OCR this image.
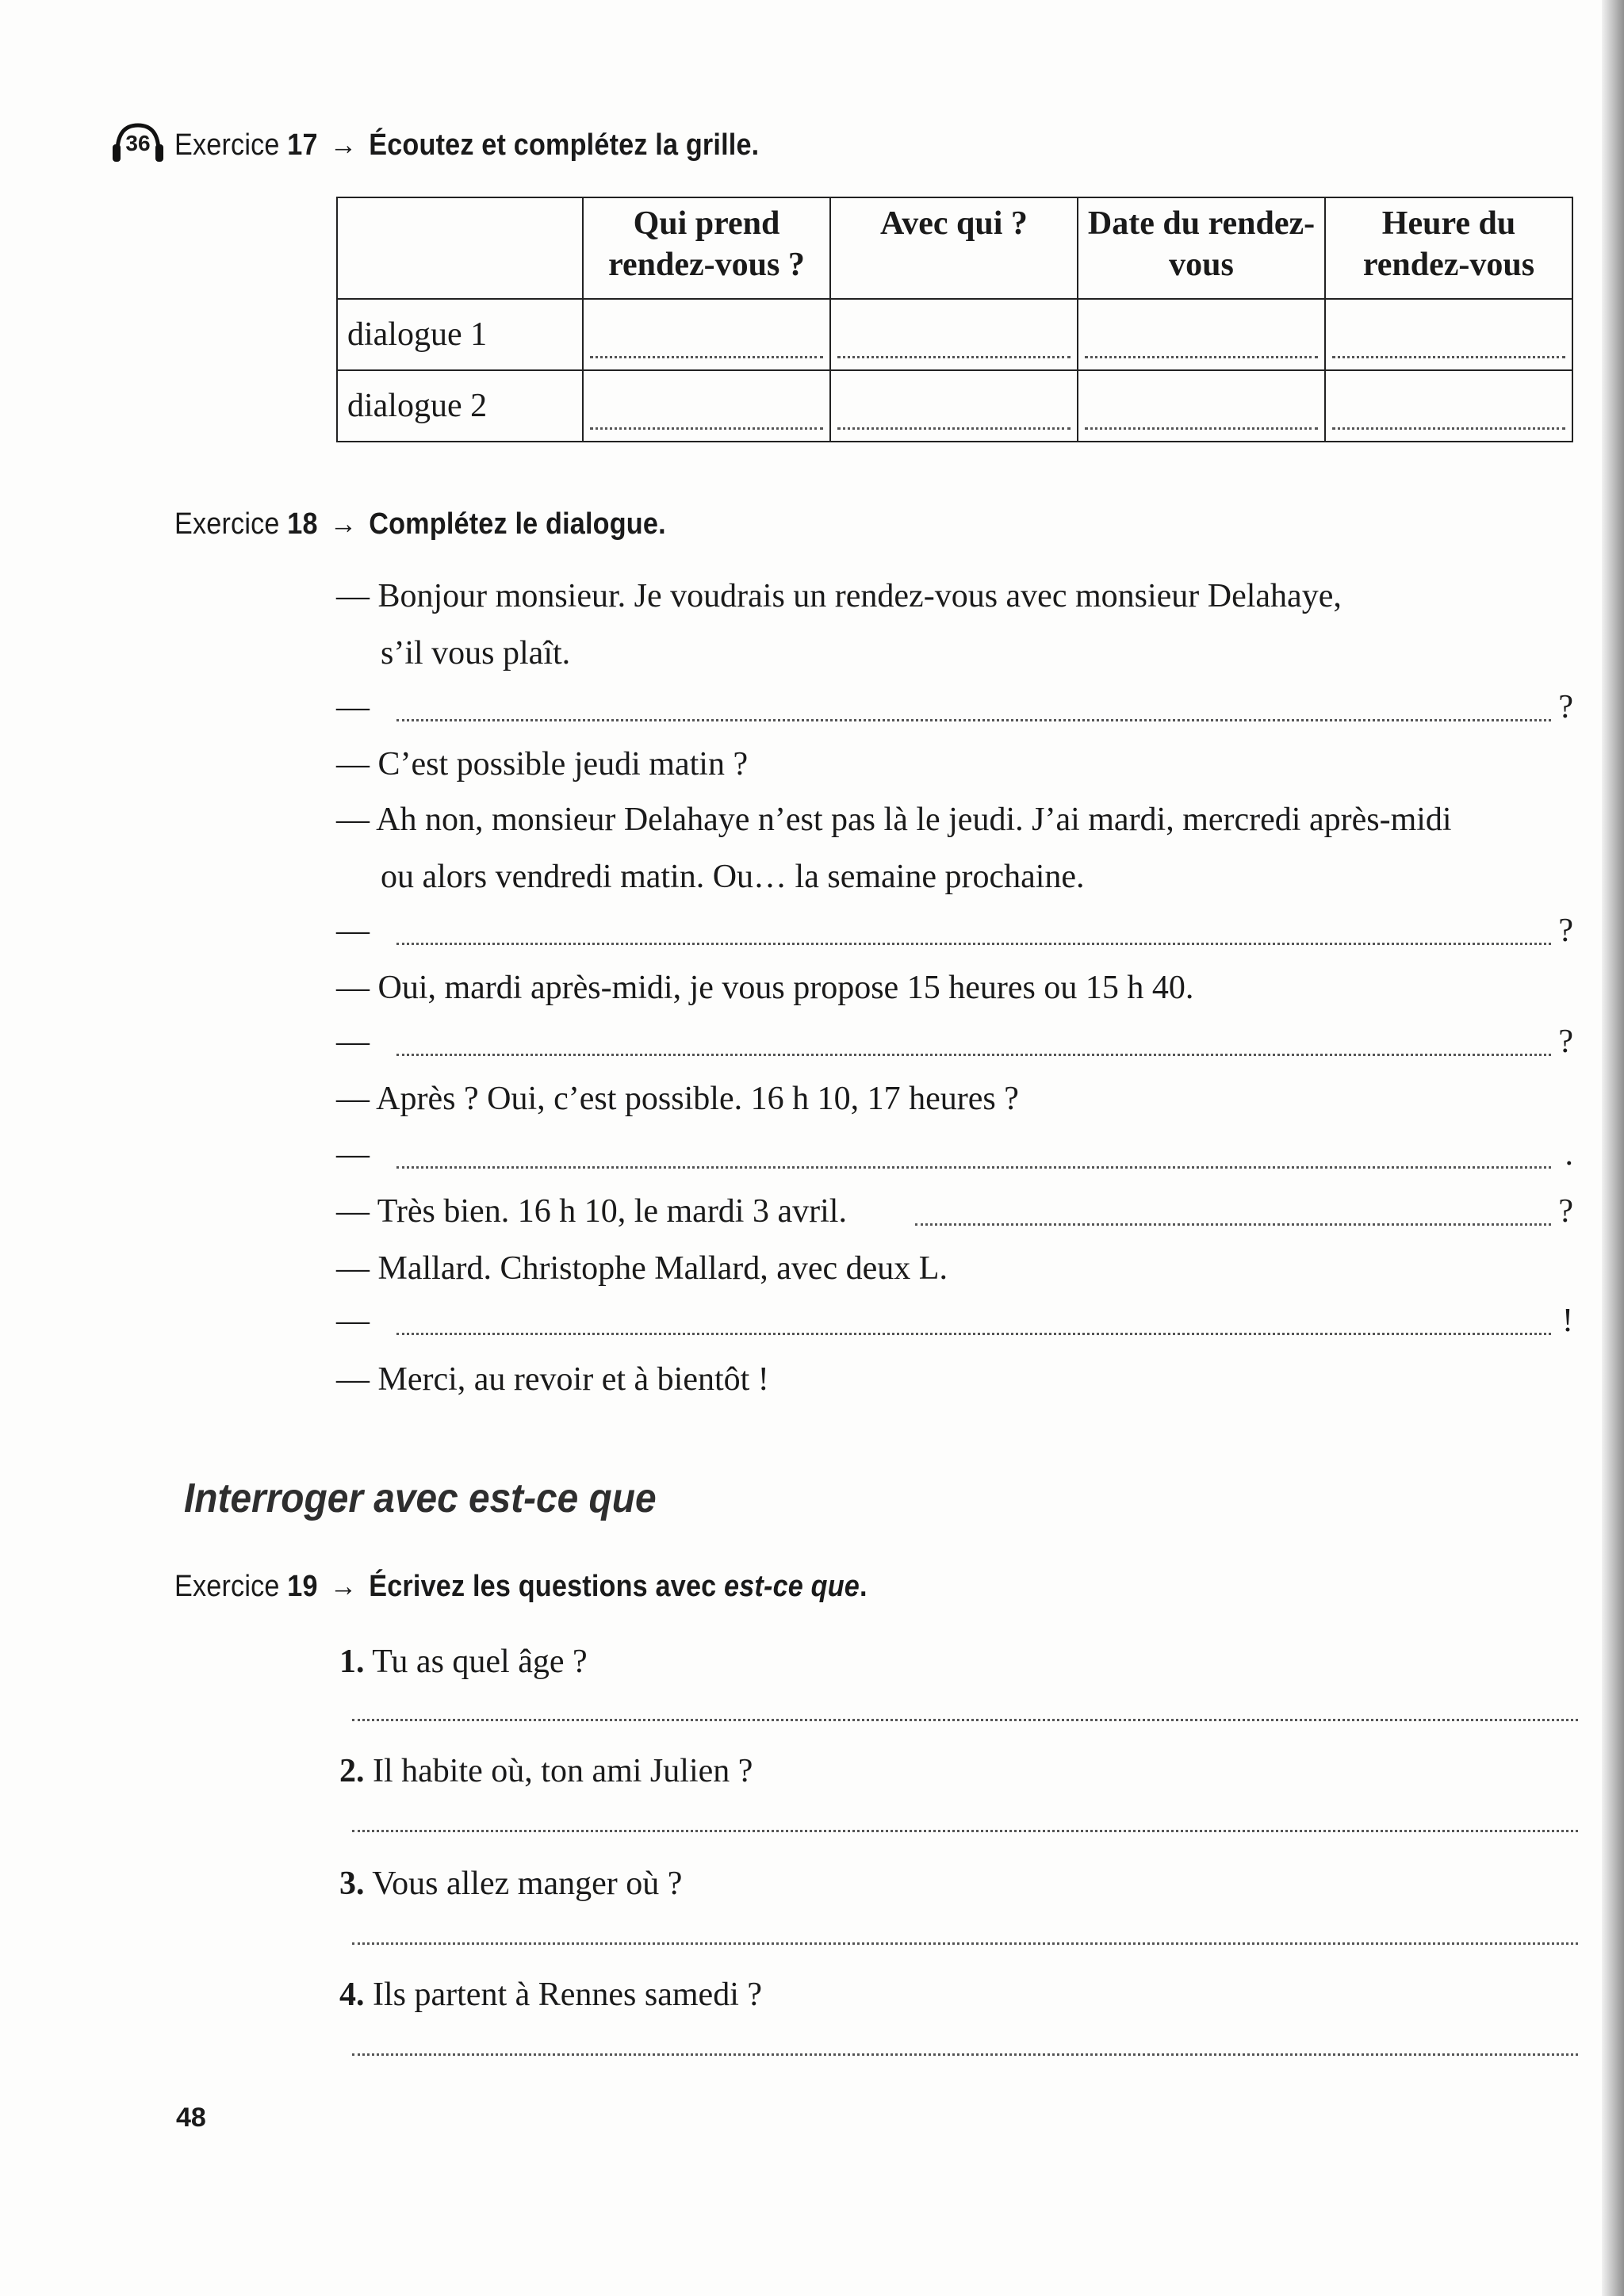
36 Exercice 17 → Écoutez et complétez la grille.
	Qui prend rendez-vous ?	Avec qui ?	Date du rendez-vous	Heure du rendez-vous
dialogue 1	

dialogue 2	

Exercice 18 → Complétez le dialogue.
— Bonjour monsieur. Je voudrais un rendez-vous avec monsieur Delahaye,
s’il vous plaît.
—	?
— C’est possible jeudi matin ?
— Ah non, monsieur Delahaye n’est pas là le jeudi. J’ai mardi, mercredi après-midi
ou alors vendredi matin. Ou… la semaine prochaine.
—	?
— Oui, mardi après-midi, je vous propose 15 heures ou 15 h 40.
—	?
— Après ? Oui, c’est possible. 16 h 10, 17 heures ?
—	.
— Très bien. 16 h 10, le mardi 3 avril.	?
— Mallard. Christophe Mallard, avec deux L.
—	!
— Merci, au revoir et à bientôt !
Interroger avec est-ce que
Exercice 19 → Écrivez les questions avec est-ce que.
1. Tu as quel âge ?
2. Il habite où, ton ami Julien ?
3. Vous allez manger où ?
4. Ils partent à Rennes samedi ?
48
